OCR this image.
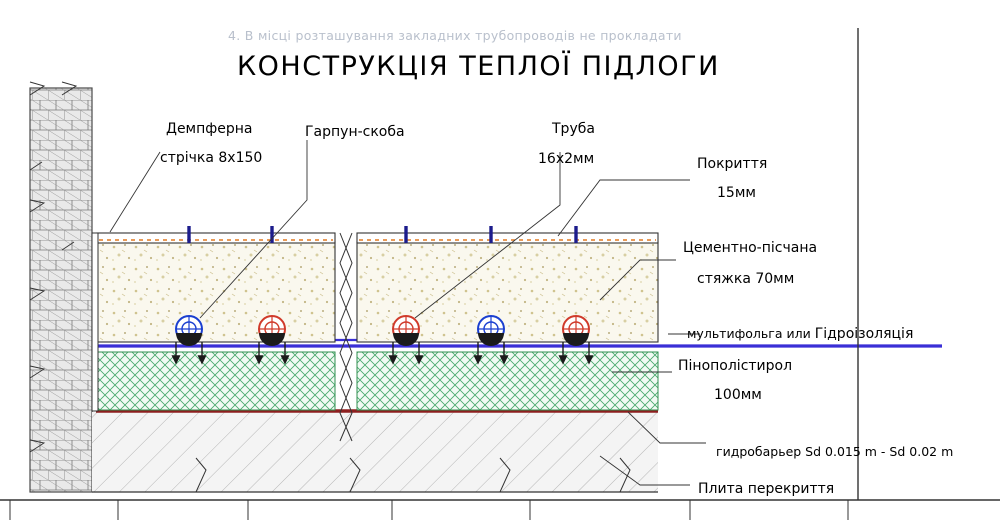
4. В місці розташування закладних трубопроводів не прокладати
КОНСТРУКЦІЯ ТЕПЛОЇ ПІДЛОГИ
Демпферна
стрічка 8х150
Гарпун-скоба	Труба
16х2мм	Покриття
15мм
Цементно-пісчана
стяжка 70мм
мультифольга или Гідроізоляція
Пінополістирол
100мм
гидробарьер Sd 0.015 m - Sd 0.02 m
Плита перекриття
